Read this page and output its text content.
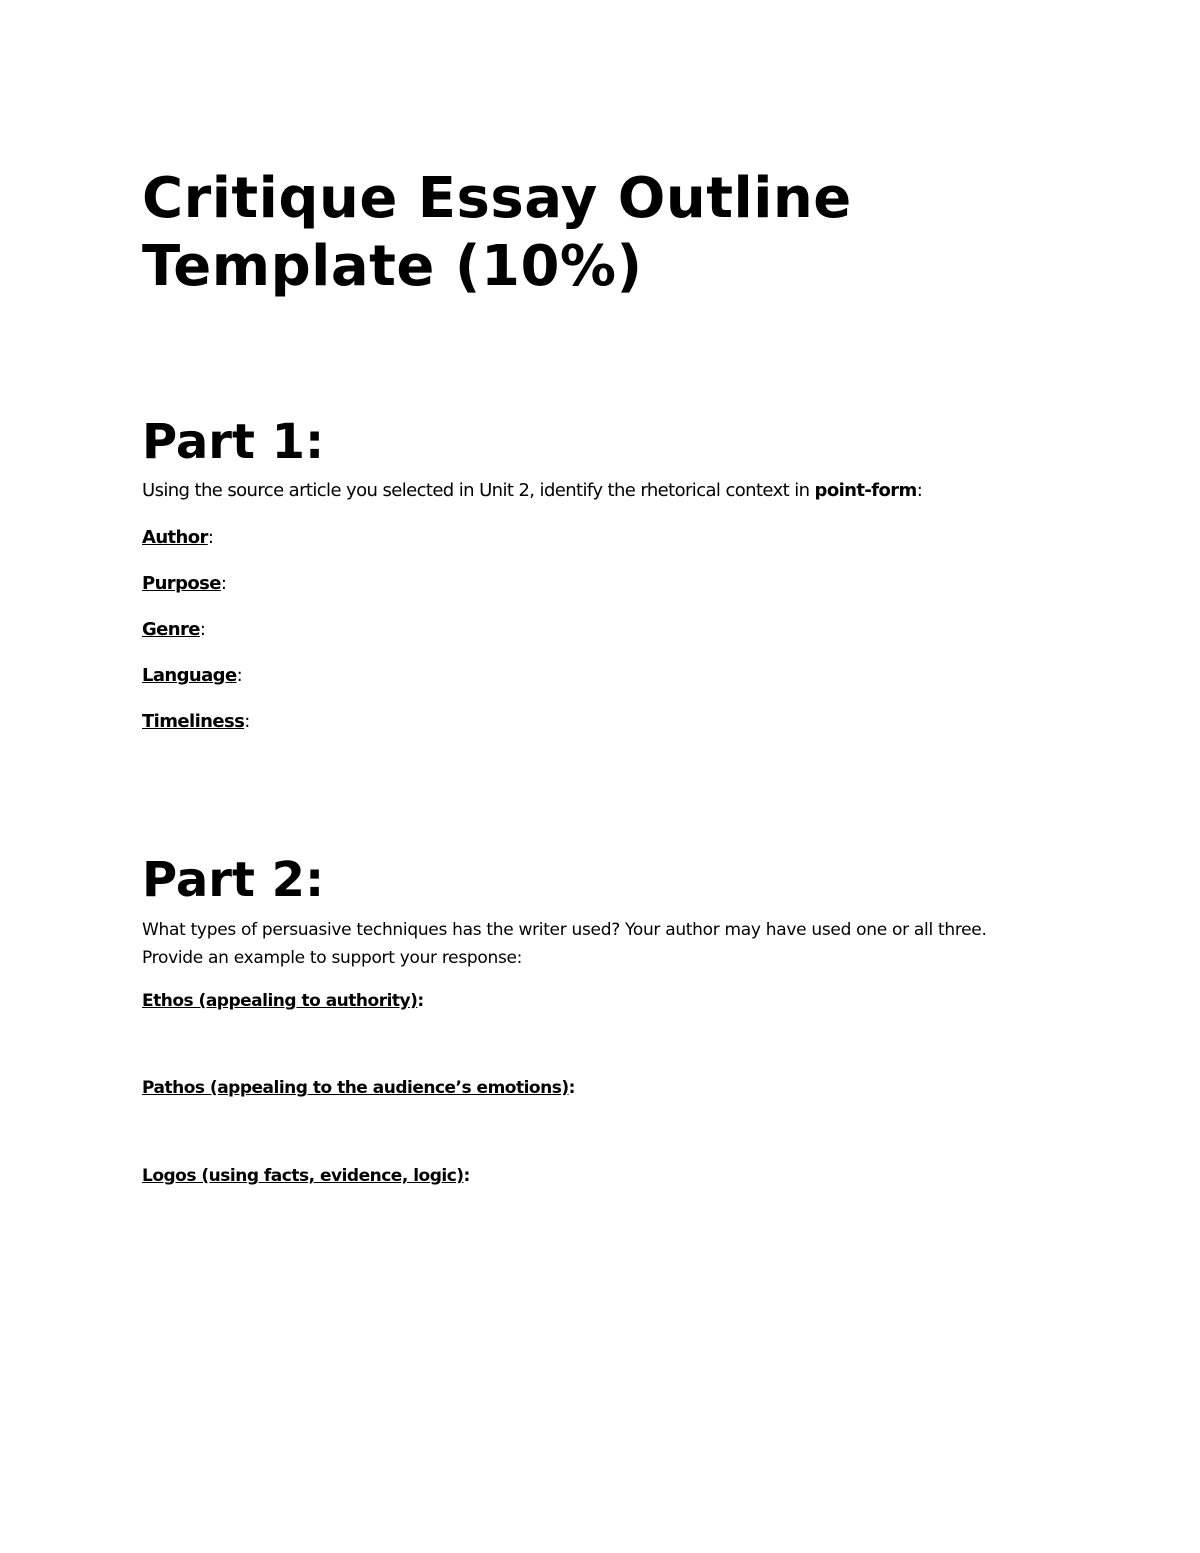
Critique Essay Outline
Template (10%)
Part 1:

Using the source article you selected in Unit 2, identify the rhetorical context in point-form:

Author:

Purpose:

Genre:

Language:

Timeliness:

Part 2:

What types of persuasive techniques has the writer used? Your author may have used one or all three.

Provide an example to support your response:

Ethos (appealing to authority):

Pathos (appealing to the audience’s emotions):

Logos (using facts, evidence, logic):
